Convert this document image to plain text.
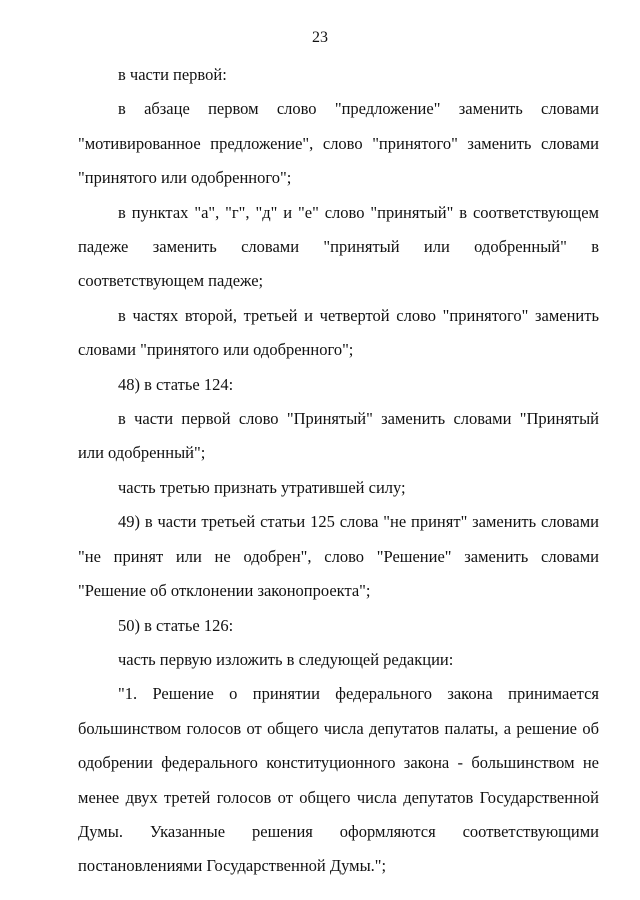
23

в части первой:

в абзаце первом слово "предложение" заменить словами "мотивированное предложение", слово "принятого" заменить словами "принятого или одобренного";

в пунктах "а", "г", "д" и "е" слово "принятый" в соответствующем падеже заменить словами "принятый или одобренный" в соответствующем падеже;

в частях второй, третьей и четвертой слово "принятого" заменить словами "принятого или одобренного";

48) в статье 124:

в части первой слово "Принятый" заменить словами "Принятый или одобренный";

часть третью признать утратившей силу;

49) в части третьей статьи 125 слова "не принят" заменить словами "не принят или не одобрен", слово "Решение" заменить словами "Решение об отклонении законопроекта";

50) в статье 126:

часть первую изложить в следующей редакции:

"1. Решение о принятии федерального закона принимается большинством голосов от общего числа депутатов палаты, а решение об одобрении федерального конституционного закона - большинством не менее двух третей голосов от общего числа депутатов Государственной Думы. Указанные решения оформляются соответствующими постановлениями Государственной Думы.";
